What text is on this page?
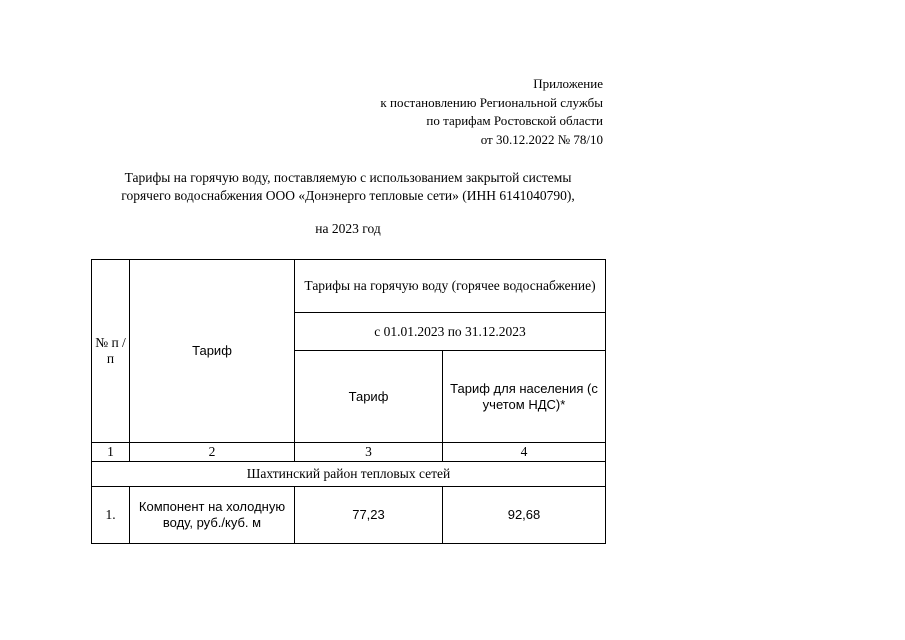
Приложение
к постановлению Региональной службы
по тарифам Ростовской области
от 30.12.2022 № 78/10
Тарифы на горячую воду, поставляемую с использованием закрытой системы
горячего водоснабжения ООО «Донэнерго тепловые сети» (ИНН 6141040790),
на 2023 год
№ п /п	Тариф	Тарифы на горячую воду (горячее водоснабжение)	
		с 01.01.2023 по 31.12.2023	
		Тариф	Тариф для населения (с учетом НДС)*
1	2	3	4
Шахтинский район тепловых сетей			
1.	Компонент на холодную воду, руб./куб. м	77,23	92,68
